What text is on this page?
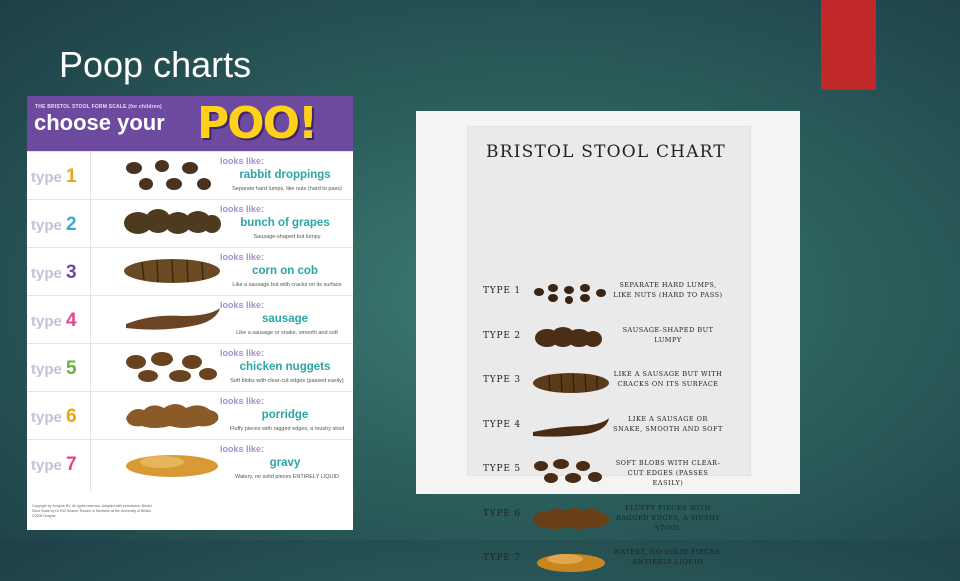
Poop charts
THE BRISTOL STOOL FORM SCALE (for children)
choose your POO!
type 1
looks like:
rabbit droppings
Separate hard lumps, like nuts (hard to pass)
type 2
looks like:
bunch of grapes
Sausage-shaped but lumpy
type 3
looks like:
corn on cob
Like a sausage but with cracks on its surface
type 4
looks like:
sausage
Like a sausage or snake, smooth and soft
type 5
looks like:
chicken nuggets
Soft blobs with clear-cut edges (passed easily)
type 6
looks like:
porridge
Fluffy pieces with ragged edges, a mushy stool
type 7
looks like:
gravy
Watery, no solid pieces ENTIRELY LIQUID
Copyright by Norgine BV. All rights reserved. Adapted with permission. Bristol Stool Scale by Dr KW Heaton, Reader in Medicine at the University of Bristol. ©2005 Norgine.
BRISTOL STOOL CHART
TYPE 1
SEPARATE HARD LUMPS, LIKE NUTS (HARD TO PASS)
TYPE 2
SAUSAGE-SHAPED BUT LUMPY
TYPE 3
LIKE A SAUSAGE BUT WITH CRACKS ON ITS SURFACE
TYPE 4
LIKE A SAUSAGE OR SNAKE, SMOOTH AND SOFT
TYPE 5
SOFT BLOBS WITH CLEAR-CUT EDGES (PASSES EASILY)
TYPE 6
FLUFFY PIECES WITH RAGGED EDGES, A MUSHY STOOL
TYPE 7
WATERY, NO SOLID PIECES. ENTIRELY LIQUID
